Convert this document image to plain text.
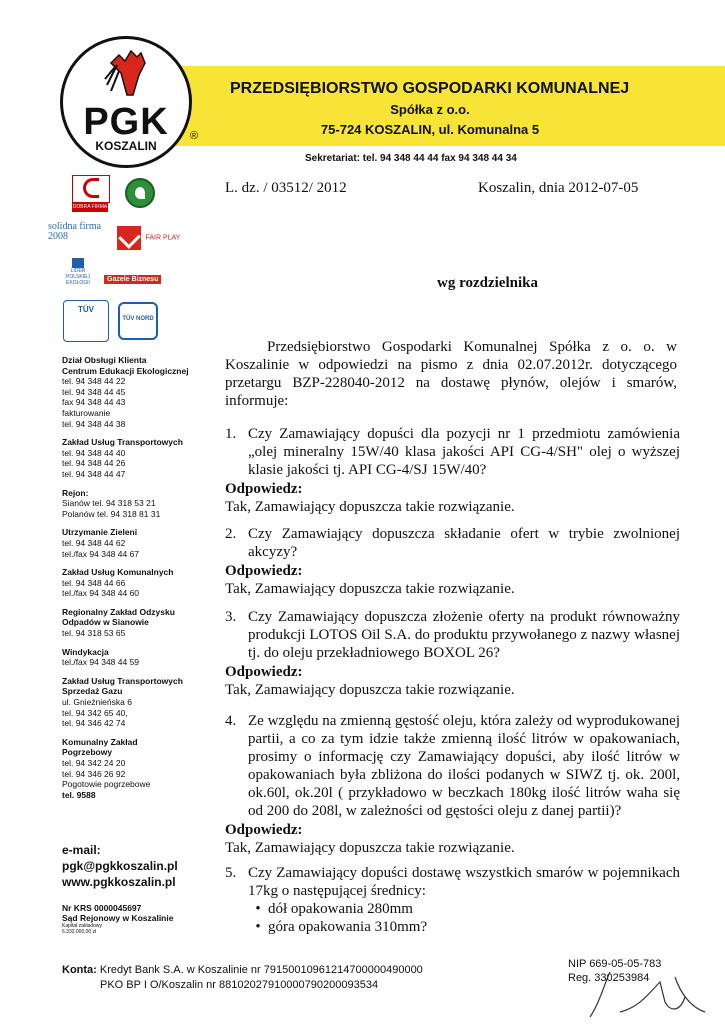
PGK
KOSZALIN
®
PRZEDSIĘBIORSTWO GOSPODARKI KOMUNALNEJ
Spółka z o.o.
75-724 KOSZALIN, ul. Komunalna 5
Sekretariat: tel. 94 348 44 44 fax 94 348 44 34
DOBRA FIRMA
solidna firma 2008	FAIR PLAY
LIDER POLSKIEJ EKOLOGII	Gazele Biznesu
TÜV
TÜV NORD
Dział Obsługi Klienta
Centrum Edukacji Ekologicznej
tel. 94 348 44 22
tel. 94 348 44 45
fax 94 348 44 43
fakturowanie
tel. 94 348 44 38
Zakład Usług Transportowych
tel. 94 348 44 40
tel. 94 348 44 26
tel. 94 348 44 47
Rejon:
Sianów tel. 94 318 53 21
Polanów tel. 94 318 81 31
Utrzymanie Zieleni
tel. 94 348 44 62
tel./fax 94 348 44 67
Zakład Usług Komunalnych
tel. 94 348 44 66
tel./fax 94 348 44 60
Regionalny Zakład Odzysku
Odpadów w Sianowie
tel. 94 318 53 65
Windykacja
tel./fax 94 348 44 59
Zakład Usług Transportowych
Sprzedaż Gazu
ul. Gnieźnieńska 6
tel. 94 342 65 40,
tel. 94 346 42 74
Komunalny Zakład
Pogrzebowy
tel. 94 342 24 20
tel. 94 346 26 92
Pogotowie pogrzebowe
tel. 9588
e-mail:
pgk@pgkkoszalin.pl
www.pgkkoszalin.pl
Nr KRS 0000045697
Sąd Rejonowy w Koszalinie
Kapitał zakładowy
6.332.000,00 zł
L. dz. / 03512/ 2012	Koszalin, dnia 2012-07-05
wg rozdzielnika
Przedsiębiorstwo Gospodarki Komunalnej Spółka z o. o. w Koszalinie w odpowiedzi na pismo z dnia 02.07.2012r. dotyczącego przetargu BZP-228040-2012 na dostawę płynów, olejów i smarów, informuje:
1. Czy Zamawiający dopuści dla pozycji nr 1 przedmiotu zamówienia „olej mineralny 15W/40 klasa jakości API CG-4/SH" olej o wyższej klasie jakości tj. API CG-4/SJ 15W/40?
Odpowiedz:
Tak, Zamawiający dopuszcza takie rozwiązanie.
2. Czy Zamawiający dopuszcza składanie ofert w trybie zwolnionej akcyzy?
Odpowiedz:
Tak, Zamawiający dopuszcza takie rozwiązanie.
3. Czy Zamawiający dopuszcza złożenie oferty na produkt równoważny produkcji LOTOS Oil S.A. do produktu przywołanego z nazwy własnej tj. do oleju przekładniowego BOXOL 26?
Odpowiedz:
Tak, Zamawiający dopuszcza takie rozwiązanie.
4. Ze względu na zmienną gęstość oleju, która zależy od wyprodukowanej partii, a co za tym idzie także zmienną ilość litrów w opakowaniach, prosimy o informację czy Zamawiający dopuści, aby ilość litrów w opakowaniach była zbliżona do ilości podanych w SIWZ tj. ok. 200l, ok.60l, ok.20l ( przykładowo w beczkach 180kg ilość litrów waha się od 200 do 208l, w zależności od gęstości oleju z danej partii)?
Odpowiedz:
Tak, Zamawiający dopuszcza takie rozwiązanie.
5. Czy Zamawiający dopuści dostawę wszystkich smarów w pojemnikach 17kg o następującej średnicy:
• dół opakowania 280mm
• góra opakowania 310mm?
Konta: Kredyt Bank S.A. w Koszalinie nr 79150010961214700000490000
PKO BP I O/Koszalin nr 88102027910000790200093534
NIP 669-05-05-783
Reg. 330253984
